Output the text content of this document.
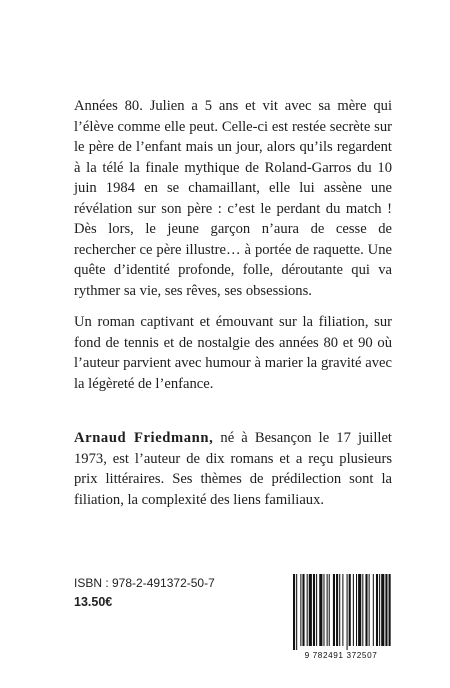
Années 80. Julien a 5 ans et vit avec sa mère qui l’élève comme elle peut. Celle-ci est restée secrète sur le père de l’enfant mais un jour, alors qu’ils regardent à la télé la finale mythique de Roland-Garros du 10 juin 1984 en se chamaillant, elle lui assène une révélation sur son père : c’est le perdant du match ! Dès lors, le jeune garçon n’aura de cesse de rechercher ce père illustre… à portée de raquette. Une quête d’identité profonde, folle, déroutante qui va rythmer sa vie, ses rêves, ses obsessions.

Un roman captivant et émouvant sur la filiation, sur fond de tennis et de nostalgie des années 80 et 90 où l’auteur parvient avec humour à marier la gravité avec la légèreté de l’enfance.

Arnaud Friedmann, né à Besançon le 17 juillet 1973, est l’auteur de dix romans et a reçu plusieurs prix littéraires. Ses thèmes de prédilection sont la filiation, la complexité des liens familiaux.

ISBN : 978-2-491372-50-7
13.50€
9 782491 372507
